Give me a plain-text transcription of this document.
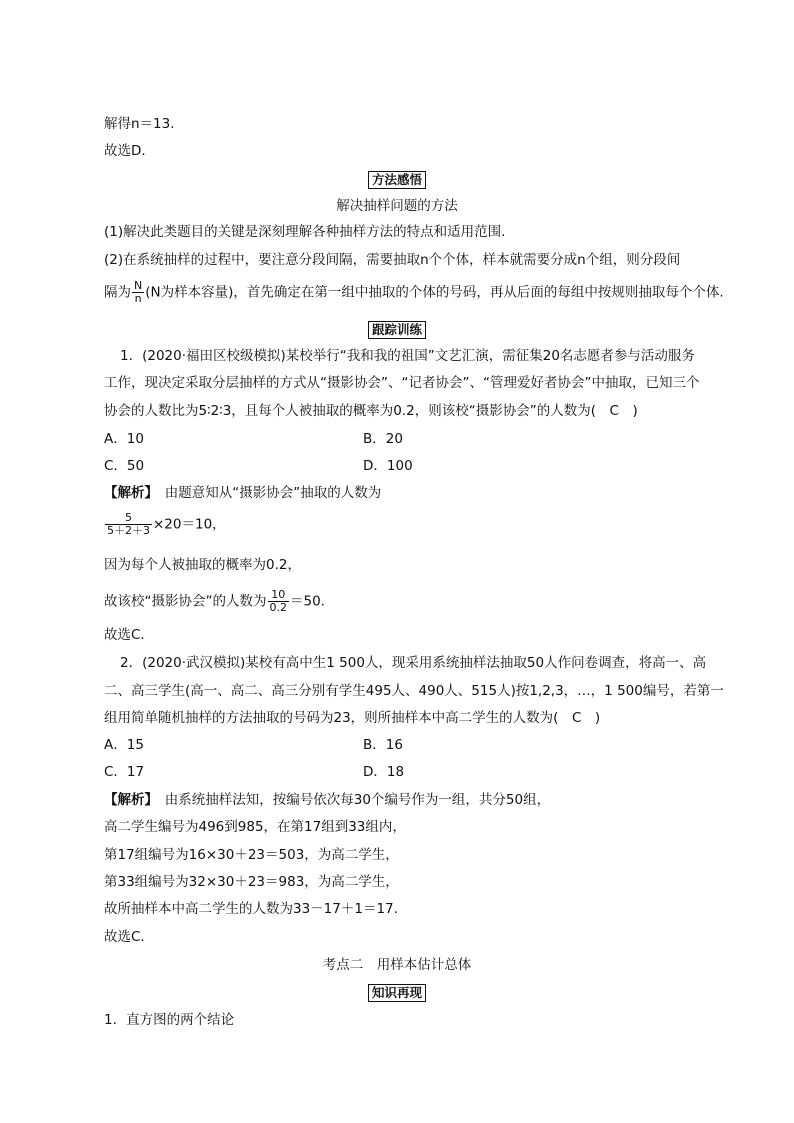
解得n＝13.
故选D.
方法感悟
解决抽样问题的方法
(1)解决此类题目的关键是深刻理解各种抽样方法的特点和适用范围.
(2)在系统抽样的过程中，要注意分段间隔，需要抽取n个个体，样本就需要分成n个组，则分段间
隔为 $\frac{N}{n} (N$为样本容量)，首先确定在第一组中抽取的个体的号码，再从后面的每组中按规则抽取每个个体.
跟踪训练
1．(2020·福田区校级模拟)某校举行“我和我的祖国”文艺汇演，需征集20名志愿者参与活动服务
工作，现决定采取分层抽样的方式从“摄影协会”、“记者协会”、“管理爱好者协会”中抽取，已知三个
协会的人数比为5∶2∶3，且每个人被抽取的概率为0.2，则该校“摄影协会”的人数为(　C　)
A．10	B．20
C．50	D．100
【解析】　 由题意知从“摄影协会”抽取的人数为
$\frac{5}{5+2+3} \times 20=10$，
因为每个人被抽取的概率为0.2，
故该校“摄影协会”的人数为 $\frac{10}{0.2} =50$.
故选C.
2．(2020·武汉模拟)某校有高中生1 500人，现采用系统抽样法抽取50人作问卷调查，将高一、高
二、高三学生(高一、高二、高三分别有学生495人、490人、515人)按1,2,3，…，1 500编号，若第一
组用简单随机抽样的方法抽取的号码为23，则所抽样本中高二学生的人数为(　C　)
A．15	B．16
C．17	D．18
【解析】　 由系统抽样法知，按编号依次每30个编号作为一组，共分50组，
高二学生编号为496到985，在第17组到33组内，
第17组编号为16×30＋23＝503，为高二学生，
第33组编号为32×30＋23＝983，为高二学生，
故所抽样本中高二学生的人数为33－17＋1＝17.
故选C.
考点二　用样本估计总体
知识再现
1．直方图的两个结论
